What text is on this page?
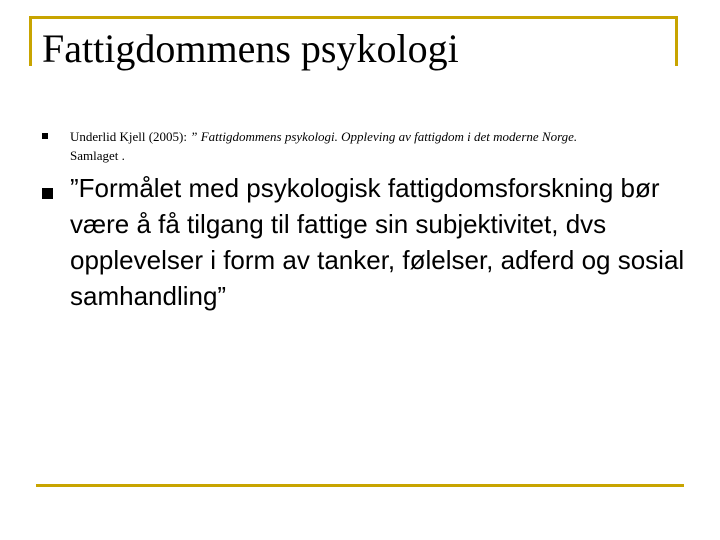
Fattigdommens psykologi
Underlid Kjell (2005): ” Fattigdommens psykologi. Oppleving av fattigdom i det moderne Norge.
Samlaget .
”Formålet med psykologisk fattigdomsforskning bør være å få tilgang til fattige sin subjektivitet, dvs opplevelser i form av tanker, følelser, adferd og sosial samhandling”
